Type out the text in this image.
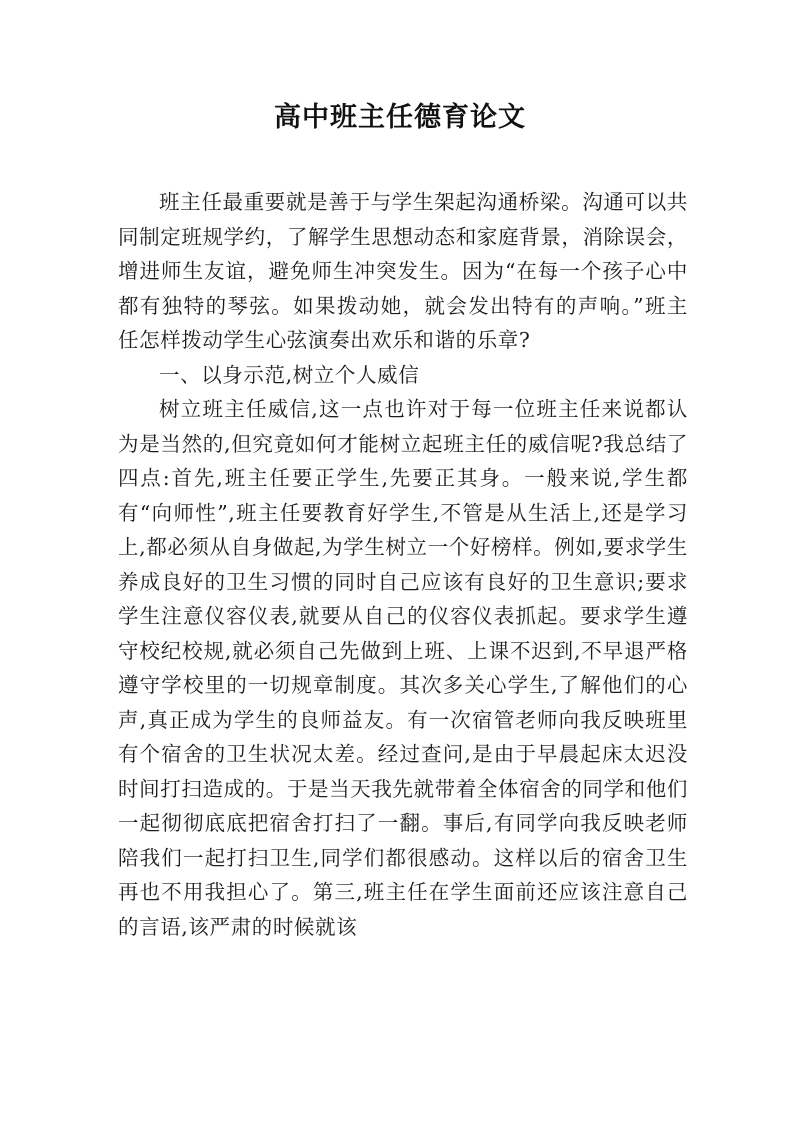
高中班主任德育论文

班主任最重要就是善于与学生架起沟通桥梁。沟通可以共同制定班规学约，了解学生思想动态和家庭背景，消除误会，增进师生友谊，避免师生冲突发生。因为“在每一个孩子心中都有独特的琴弦。如果拨动她，就会发出特有的声响。”班主任怎样拨动学生心弦演奏出欢乐和谐的乐章?

一、以身示范,树立个人威信

树立班主任威信,这一点也许对于每一位班主任来说都认为是当然的,但究竟如何才能树立起班主任的威信呢?我总结了四点:首先,班主任要正学生,先要正其身。一般来说,学生都有“向师性”,班主任要教育好学生,不管是从生活上,还是学习上,都必须从自身做起,为学生树立一个好榜样。例如,要求学生养成良好的卫生习惯的同时自己应该有良好的卫生意识;要求学生注意仪容仪表,就要从自己的仪容仪表抓起。要求学生遵守校纪校规,就必须自己先做到上班、上课不迟到,不早退严格遵守学校里的一切规章制度。其次多关心学生,了解他们的心声,真正成为学生的良师益友。有一次宿管老师向我反映班里有个宿舍的卫生状况太差。经过查问,是由于早晨起床太迟没时间打扫造成的。于是当天我先就带着全体宿舍的同学和他们一起彻彻底底把宿舍打扫了一翻。事后,有同学向我反映老师陪我们一起打扫卫生,同学们都很感动。这样以后的宿舍卫生再也不用我担心了。第三,班主任在学生面前还应该注意自己的言语,该严肃的时候就该
